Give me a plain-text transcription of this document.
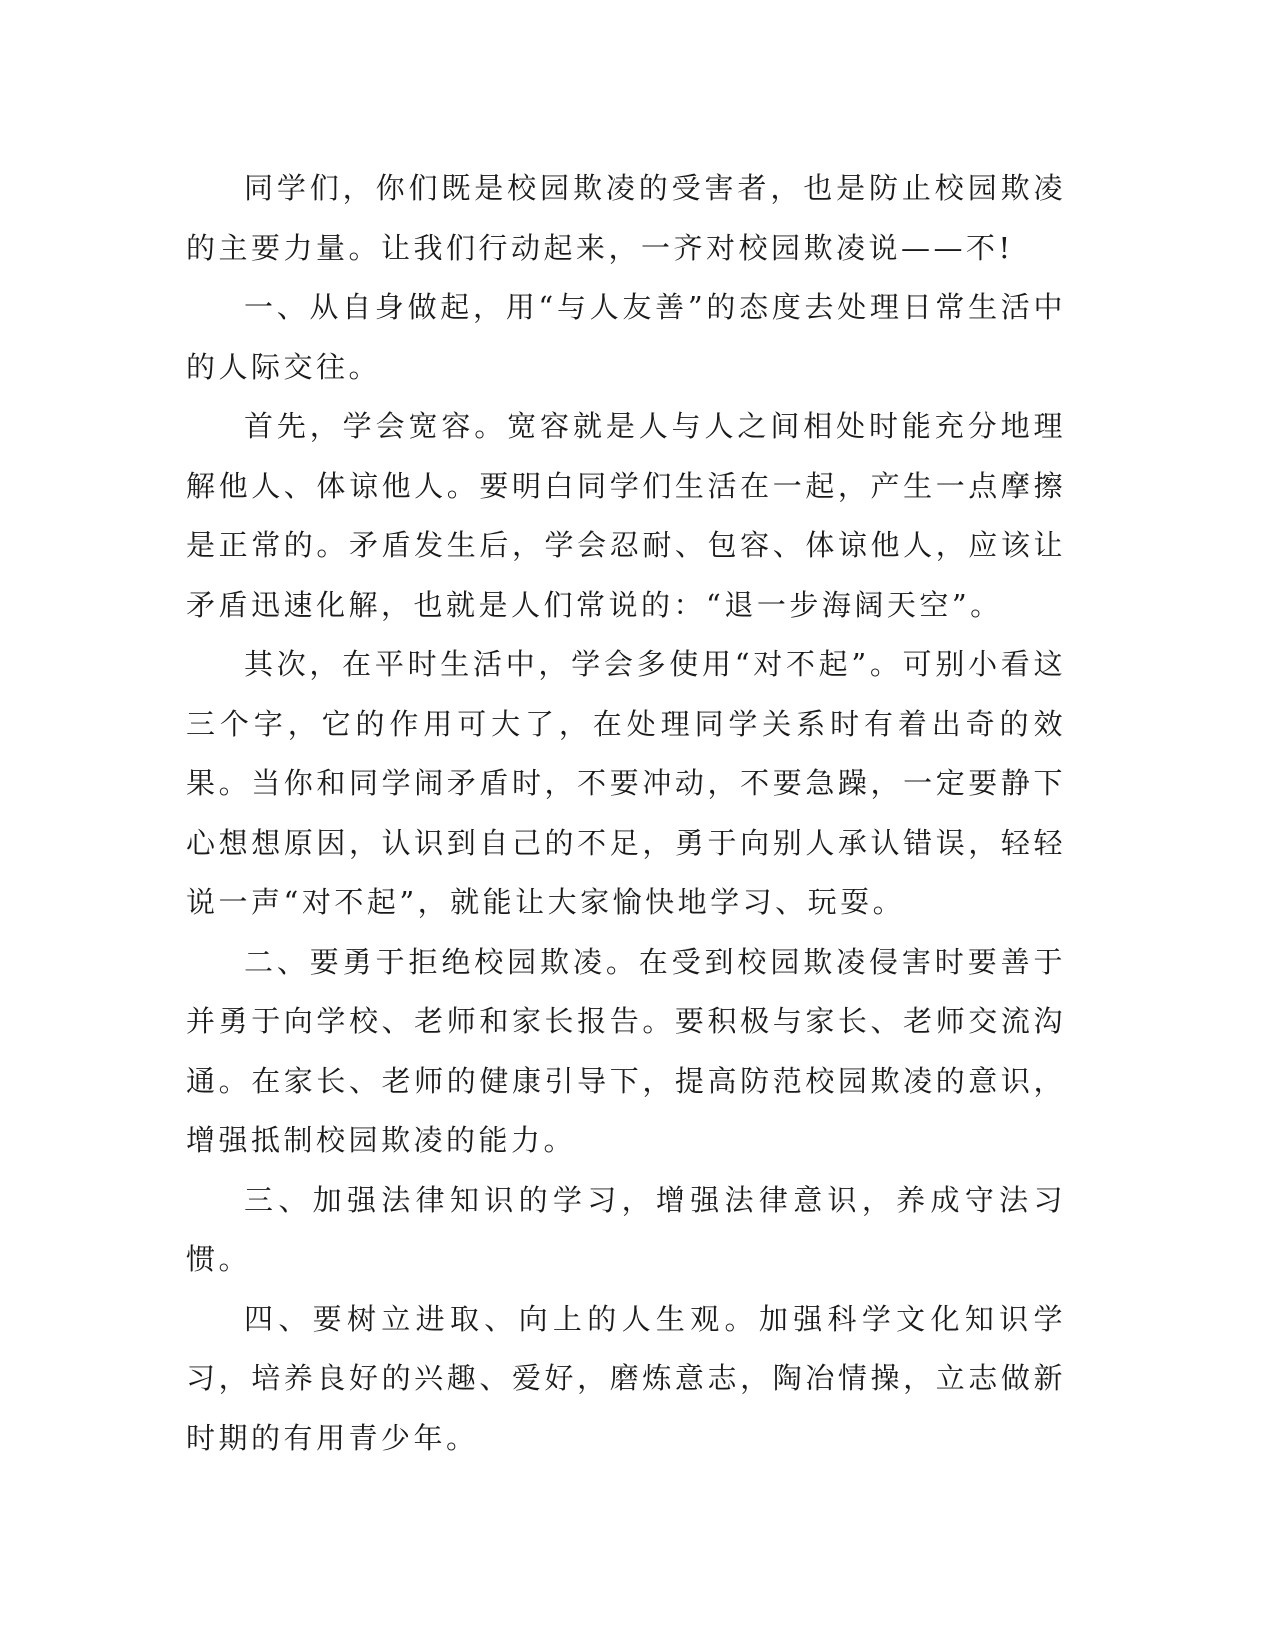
同学们，你们既是校园欺凌的受害者，也是防止校园欺凌的主要力量。让我们行动起来，一齐对校园欺凌说——不!

一、从自身做起，用“与人友善”的态度去处理日常生活中的人际交往。

首先，学会宽容。宽容就是人与人之间相处时能充分地理解他人、体谅他人。要明白同学们生活在一起，产生一点摩擦是正常的。矛盾发生后，学会忍耐、包容、体谅他人，应该让矛盾迅速化解，也就是人们常说的：“退一步海阔天空”。

其次，在平时生活中，学会多使用“对不起”。可别小看这三个字，它的作用可大了，在处理同学关系时有着出奇的效果。当你和同学闹矛盾时，不要冲动，不要急躁，一定要静下心想想原因，认识到自己的不足，勇于向别人承认错误，轻轻说一声“对不起”，就能让大家愉快地学习、玩耍。

二、要勇于拒绝校园欺凌。在受到校园欺凌侵害时要善于并勇于向学校、老师和家长报告。要积极与家长、老师交流沟通。在家长、老师的健康引导下，提高防范校园欺凌的意识，增强抵制校园欺凌的能力。

三、加强法律知识的学习，增强法律意识，养成守法习惯。

四、要树立进取、向上的人生观。加强科学文化知识学习，培养良好的兴趣、爱好，磨炼意志，陶冶情操，立志做新时期的有用青少年。
